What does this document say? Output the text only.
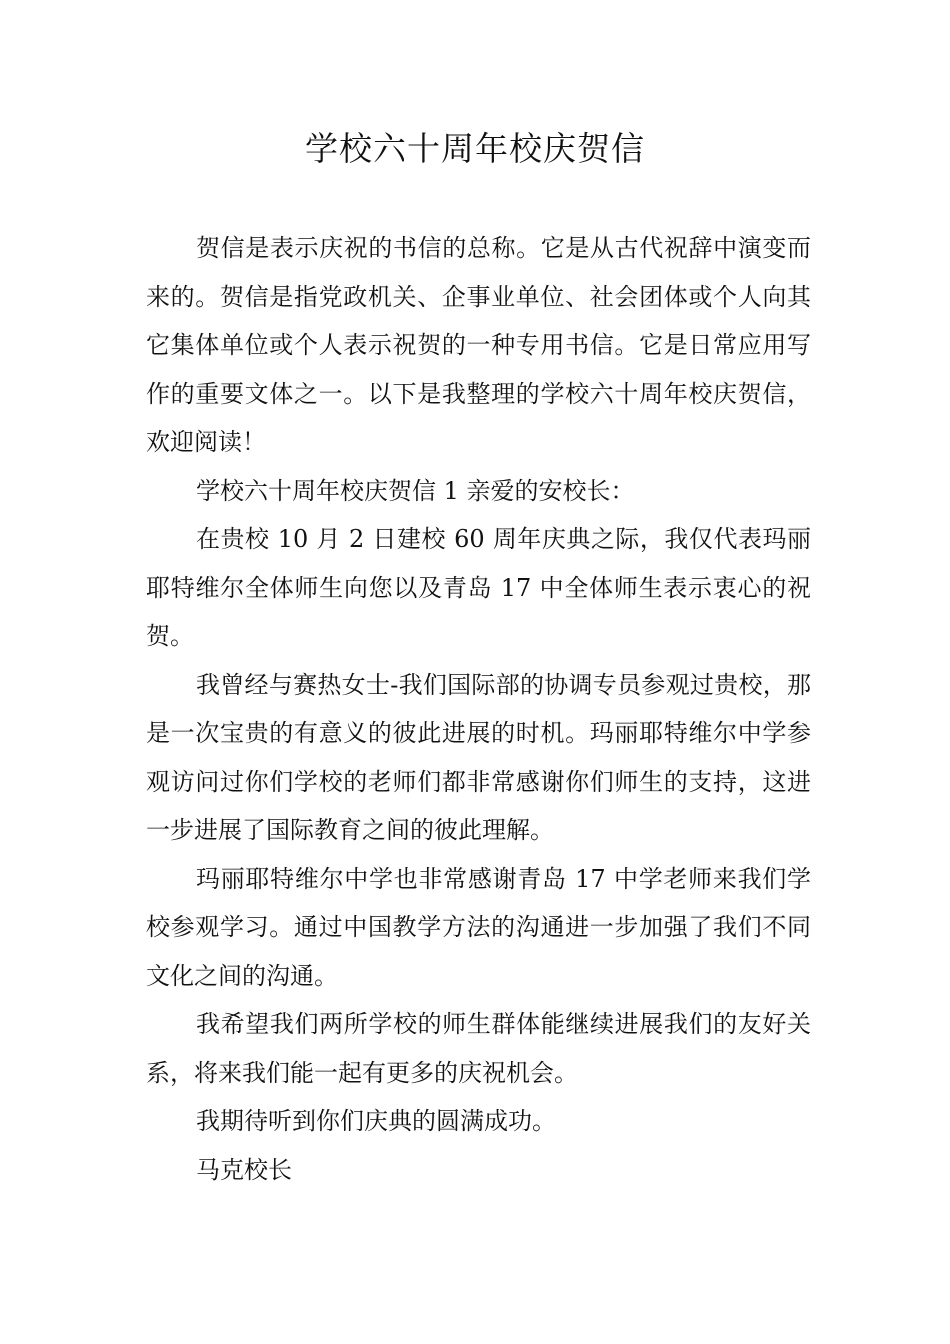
学校六十周年校庆贺信

贺信是表示庆祝的书信的总称。它是从古代祝辞中演变而来的。贺信是指党政机关、企事业单位、社会团体或个人向其它集体单位或个人表示祝贺的一种专用书信。它是日常应用写作的重要文体之一。以下是我整理的学校六十周年校庆贺信，欢迎阅读！

学校六十周年校庆贺信 1 亲爱的安校长：

在贵校 10 月 2 日建校 60 周年庆典之际，我仅代表玛丽耶特维尔全体师生向您以及青岛 17 中全体师生表示衷心的祝贺。

我曾经与赛热女士-我们国际部的协调专员参观过贵校，那是一次宝贵的有意义的彼此进展的时机。玛丽耶特维尔中学参观访问过你们学校的老师们都非常感谢你们师生的支持，这进一步进展了国际教育之间的彼此理解。

玛丽耶特维尔中学也非常感谢青岛 17 中学老师来我们学校参观学习。通过中国教学方法的沟通进一步加强了我们不同文化之间的沟通。

我希望我们两所学校的师生群体能继续进展我们的友好关系，将来我们能一起有更多的庆祝机会。

我期待听到你们庆典的圆满成功。

马克校长
